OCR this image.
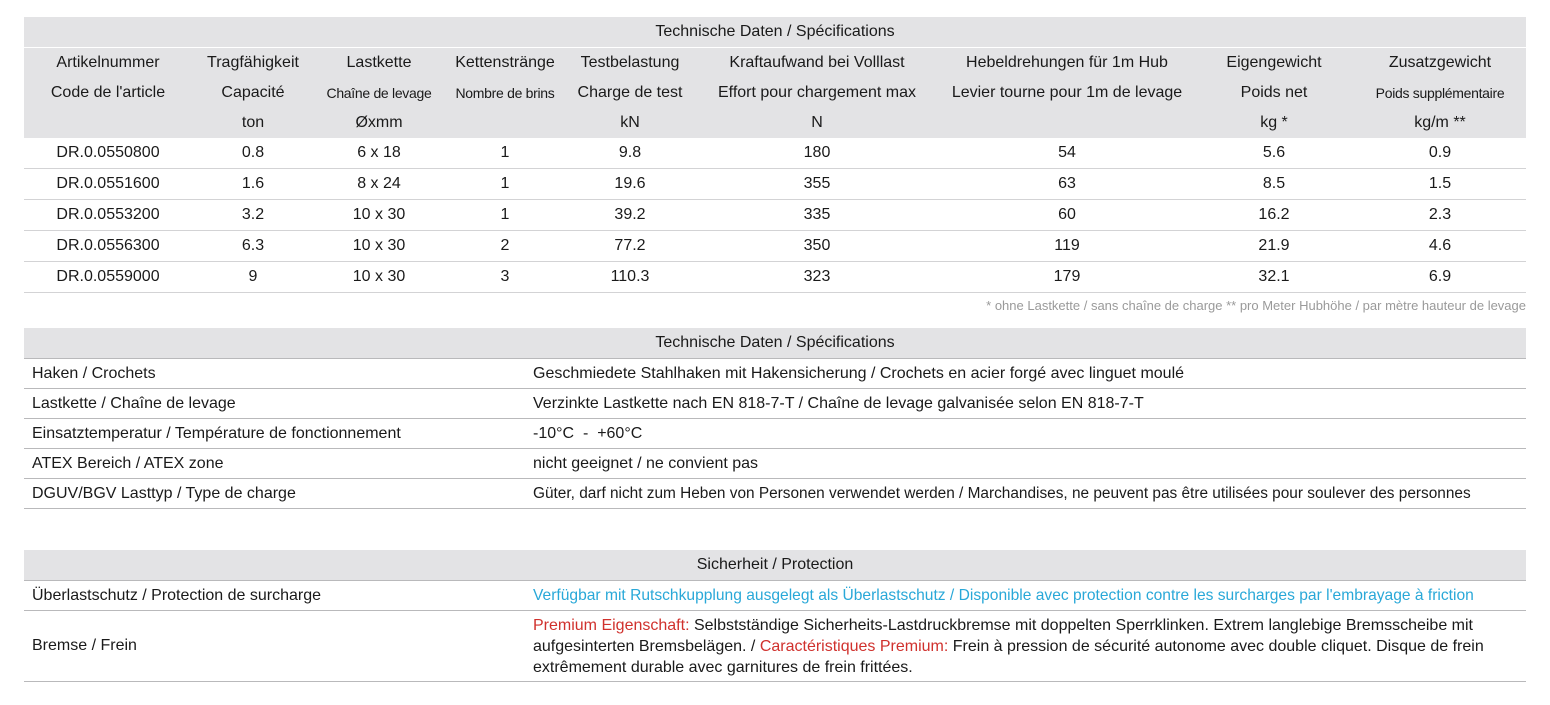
Technische Daten / Spécifications
Artikelnummer	Tragfähigkeit	Lastkette	Kettenstränge	Testbelastung	Kraftaufwand bei Volllast	Hebeldrehungen für 1m Hub	Eigengewicht	Zusatzgewicht
Code de l'article	Capacité	Chaîne de levage	Nombre de brins	Charge de test	Effort pour chargement max	Levier tourne pour 1m de levage	Poids net	Poids supplémentaire
	ton	Øxmm		kN	N		kg *	kg/m **
DR.0.0550800	0.8	6 x 18	1	9.8	180	54	5.6	0.9
DR.0.0551600	1.6	8 x 24	1	19.6	355	63	8.5	1.5
DR.0.0553200	3.2	10 x 30	1	39.2	335	60	16.2	2.3
DR.0.0556300	6.3	10 x 30	2	77.2	350	119	21.9	4.6
DR.0.0559000	9	10 x 30	3	110.3	323	179	32.1	6.9
* ohne Lastkette / sans chaîne de charge ** pro Meter Hubhöhe / par mètre hauteur de levage
Technische Daten / Spécifications
Haken / Crochets	Geschmiedete Stahlhaken mit Hakensicherung / Crochets en acier forgé avec linguet moulé
Lastkette / Chaîne de levage	Verzinkte Lastkette nach EN 818-7-T / Chaîne de levage galvanisée selon EN 818-7-T
Einsatztemperatur / Température de fonctionnement	-10°C  -  +60°C
ATEX Bereich / ATEX zone	nicht geeignet / ne convient pas
DGUV/BGV Lasttyp / Type de charge	Güter, darf nicht zum Heben von Personen verwendet werden / Marchandises, ne peuvent pas être utilisées pour soulever des personnes
Sicherheit / Protection
Überlastschutz / Protection de surcharge	Verfügbar mit Rutschkupplung ausgelegt als Überlastschutz / Disponible avec protection contre les surcharges par l'embrayage à friction
Bremse / Frein	Premium Eigenschaft: Selbstständige Sicherheits-Lastdruckbremse mit doppelten Sperrklinken. Extrem langlebige Bremsscheibe mit aufgesinterten Bremsbelägen. / Caractéristiques Premium: Frein à pression de sécurité autonome avec double cliquet. Disque de frein extrêmement durable avec garnitures de frein frittées.
